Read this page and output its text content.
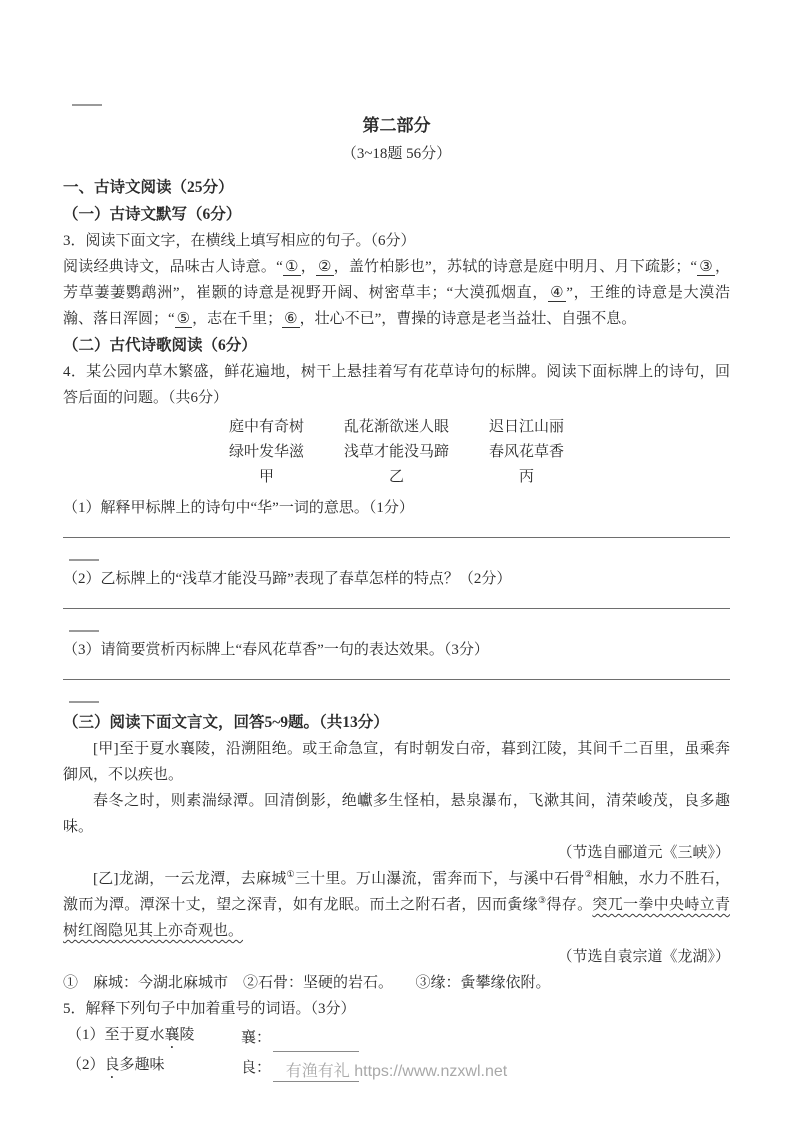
第二部分
（3~18题 56分）
一、古诗文阅读（25分）
（一）古诗文默写（6分）
3．阅读下面文字，在横线上填写相应的句子。（6分）
阅读经典诗文，品味古人诗意。“ ① ， ② ，盖竹柏影也”，苏轼的诗意是庭中明月、月下疏影；“ ③ ，芳草萋萋鹦鹉洲”，崔颢的诗意是视野开阔、树密草丰；“大漠孤烟直， ④ ”，王维的诗意是大漠浩瀚、落日浑圆；“ ⑤ ，志在千里； ⑥ ，壮心不已”，曹操的诗意是老当益壮、自强不息。
（二）古代诗歌阅读（6分）
4．某公园内草木繁盛，鲜花遍地，树干上悬挂着写有花草诗句的标牌。阅读下面标牌上的诗句，回答后面的问题。（共6分）
庭中有奇树
绿叶发华滋
甲
乱花渐欲迷人眼
浅草才能没马蹄
乙
迟日江山丽
春风花草香
丙
（1）解释甲标牌上的诗句中“华”一词的意思。（1分）
（2）乙标牌上的“浅草才能没马蹄”表现了春草怎样的特点？（2分）
（3）请简要赏析丙标牌上“春风花草香”一句的表达效果。（3分）
（三）阅读下面文言文，回答5~9题。（共13分）
[甲]至于夏水襄陵，沿溯阻绝。或王命急宣，有时朝发白帝，暮到江陵，其间千二百里，虽乘奔御风，不以疾也。
春冬之时，则素湍绿潭。回清倒影，绝巘多生怪柏，悬泉瀑布，飞漱其间，清荣峻茂，良多趣味。
（节选自郦道元《三峡》）
[乙]龙湖，一云龙潭，去麻城①三十里。万山瀑流，雷奔而下，与溪中石骨②相触，水力不胜石，激而为潭。潭深十丈，望之深青，如有龙眠。而土之附石者，因而夤缘③得存。突兀一拳中央峙立青树红阁隐见其上亦奇观也。
（节选自袁宗道《龙湖》）
①　麻城：今湖北麻城市　②石骨：坚硬的岩石。　　③缘：夤攀缘依附。
5．解释下列句子中加着重号的词语。（3分）
（1）至于夏水襄陵	襄：
（2）良多趣味	良： 有渔有礼 https://www.nzxwl.net
